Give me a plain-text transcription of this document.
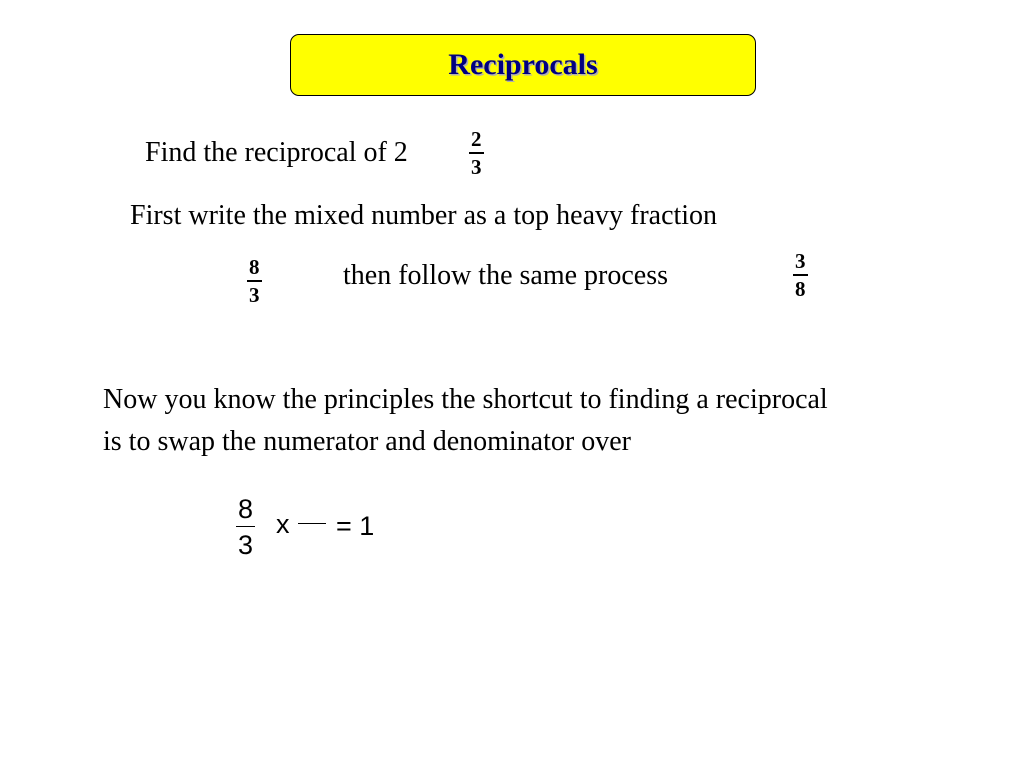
Reciprocals
Find the reciprocal of 2	$\frac{2}{3}$
First write the mixed number as a top heavy fraction
$\frac{8}{3}$	then follow the same process	$\frac{3}{8}$
Now you know the principles the shortcut to finding a reciprocal
is to swap the numerator and denominator over
$\frac{8}{3}$ x = 1
